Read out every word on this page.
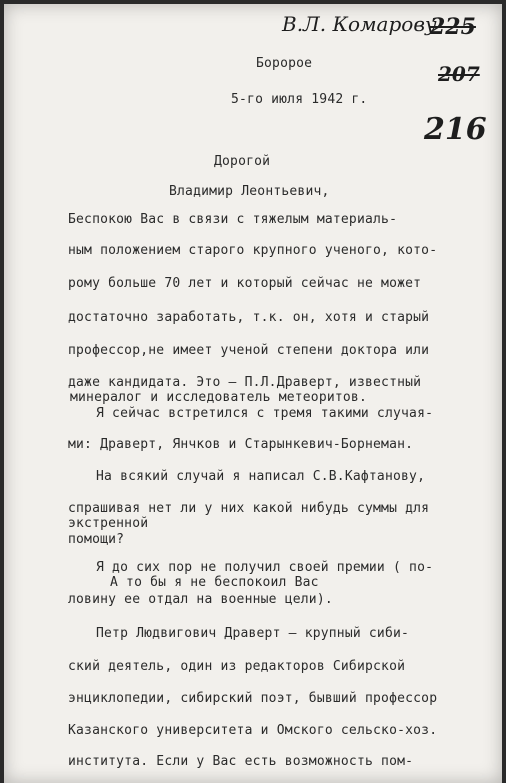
В.Л. Комарову
225
207
216
Боророе
5-го июля 1942 г.
Дорогой
Владимир Леонтьевич,
Беспокою Вас в связи с тяжелым материаль-
ным положением старого крупного ученого, кото-
рому больше 70 лет и который сейчас не может
достаточно заработать, т.к. он, хотя и старый
профессор,не имеет ученой степени доктора или
даже кандидата. Это — П.Л.Драверт, известный
минералог и исследователь метеоритов.
Я сейчас встретился с тремя такими случая-
ми: Драверт, Янчков и Старынкевич-Борнеман.
На всякий случай я написал С.В.Кафтанову,
спрашивая нет ли у них какой нибудь суммы для
экстренной
помощи?
Я до сих пор не получил своей премии ( по-
А то бы я не беспокоил Вас
ловину ее отдал на военные цели).
Петр Людвигович Драверт — крупный сиби-
ский деятель, один из редакторов Сибирской
энциклопедии, сибирский поэт, бывший профессор
Казанского университета и Омского сельско-хоз.
института. Если у Вас есть возможность пом-
